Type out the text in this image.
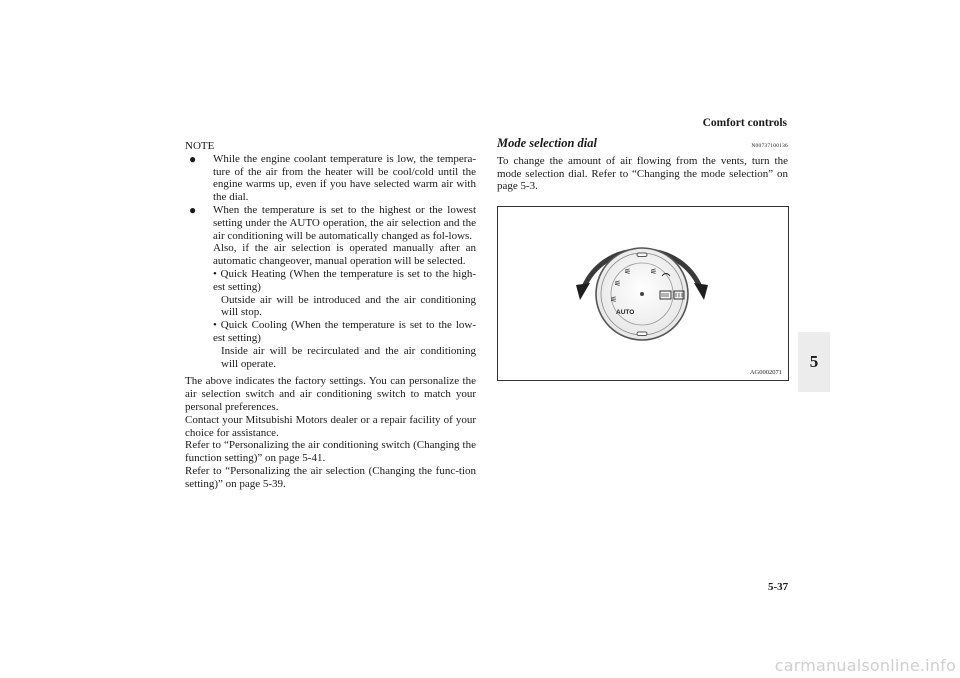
Comfort controls
5
5-37

NOTE

● While the engine coolant temperature is low, the tempera-ture of the air from the heater will be cool/cold until the engine warms up, even if you have selected warm air with the dial.
● When the temperature is set to the highest or the lowest setting under the AUTO operation, the air selection and the air conditioning will be automatically changed as fol-lows.
Also, if the air selection is operated manually after an automatic changeover, manual operation will be selected.
• Quick Heating (When the temperature is set to the high-est setting)
Outside air will be introduced and the air conditioning will stop.
• Quick Cooling (When the temperature is set to the low-est setting)
Inside air will be recirculated and the air conditioning will operate.

The above indicates the factory settings. You can personalize the air selection switch and air conditioning switch to match your personal preferences.

Contact your Mitsubishi Motors dealer or a repair facility of your choice for assistance.

Refer to “Personalizing the air conditioning switch (Changing the function setting)” on page 5-41.

Refer to “Personalizing the air selection (Changing the func-tion setting)” on page 5-39.

Mode selection dial	N00737100136

To change the amount of air flowing from the vents, turn the mode selection dial. Refer to “Changing the mode selection” on page 5-3.

⚟
⚟ ⚟
⚟
AUTO
AG0002071
carmanualsonline.info
